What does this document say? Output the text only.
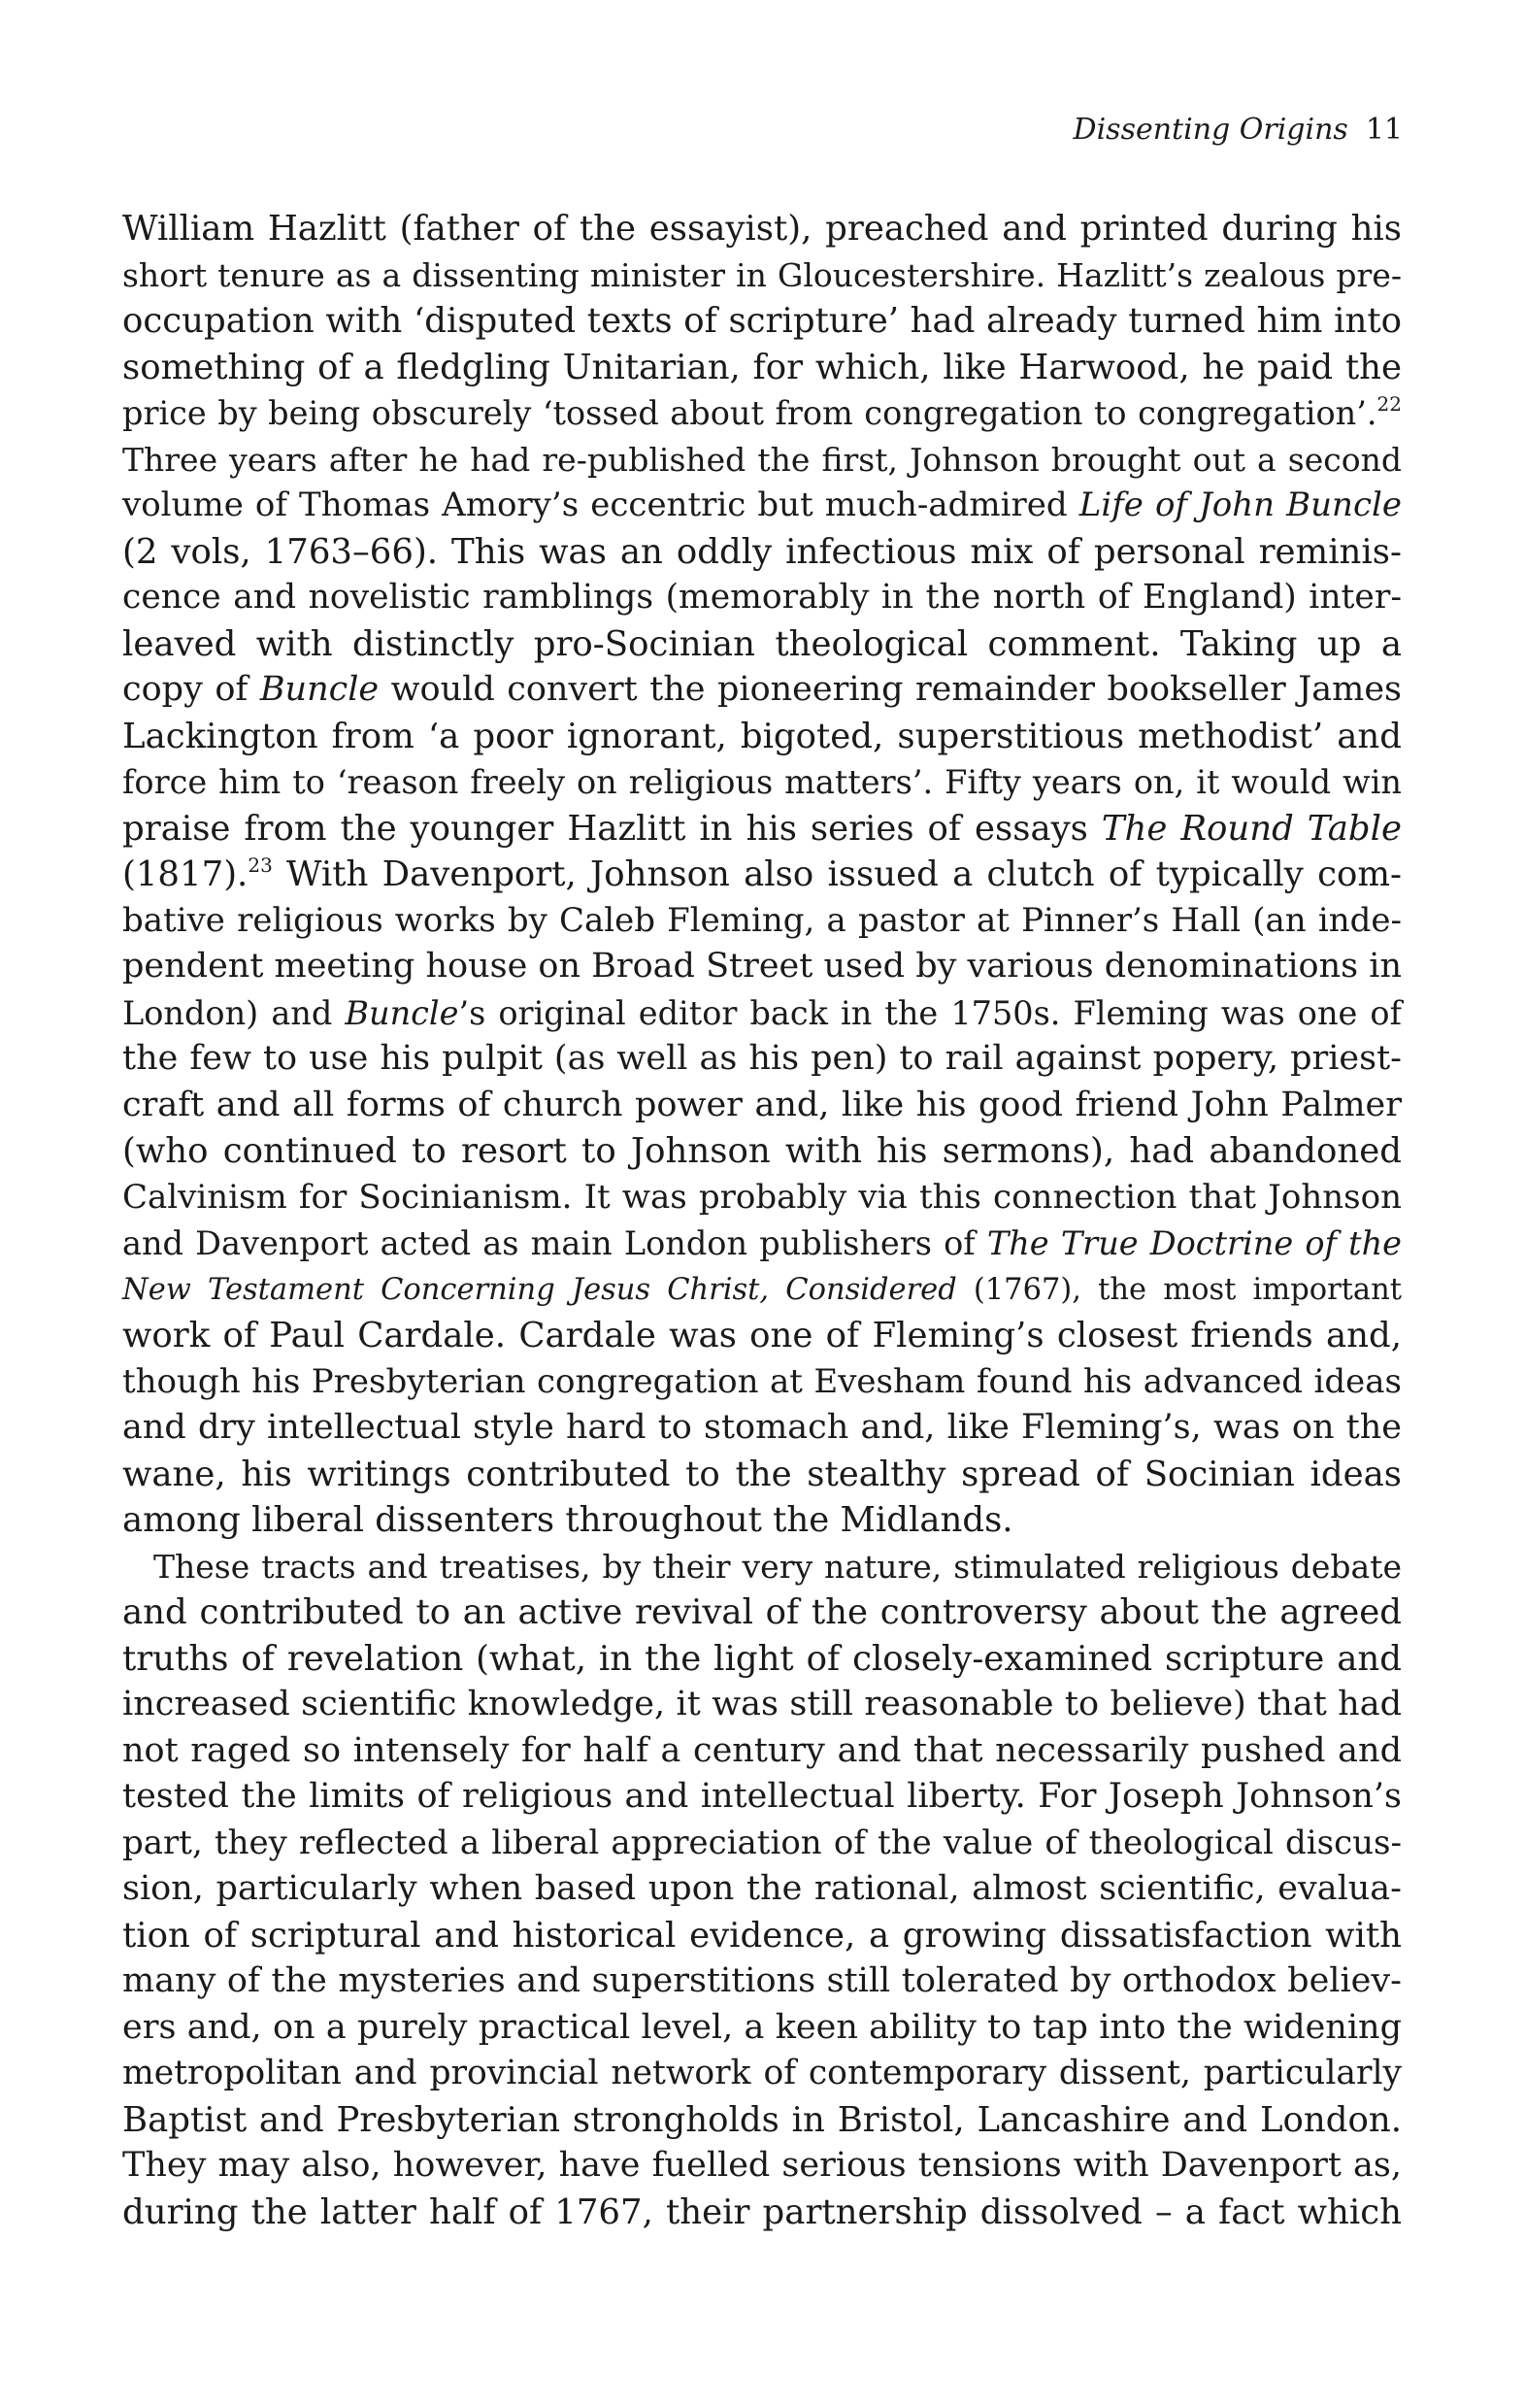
Dissenting Origins 11
William Hazlitt (father of the essayist), preached and printed during his
short tenure as a dissenting minister in Gloucestershire. Hazlitt’s zealous pre-
occupation with ‘disputed texts of scripture’ had already turned him into
something of a fledgling Unitarian, for which, like Harwood, he paid the
price by being obscurely ‘tossed about from congregation to congregation’.$^{22}$
Three years after he had re-published the first, Johnson brought out a second
volume of Thomas Amory’s eccentric but much-admired Life of John Buncle
(2 vols, 1763–66). This was an oddly infectious mix of personal reminis-
cence and novelistic ramblings (memorably in the north of England) inter-
leaved with distinctly pro-Socinian theological comment. Taking up a
copy of Buncle would convert the pioneering remainder bookseller James
Lackington from ‘a poor ignorant, bigoted, superstitious methodist’ and
force him to ‘reason freely on religious matters’. Fifty years on, it would win
praise from the younger Hazlitt in his series of essays The Round Table
(1817).$^{23}$ With Davenport, Johnson also issued a clutch of typically com-
bative religious works by Caleb Fleming, a pastor at Pinner’s Hall (an inde-
pendent meeting house on Broad Street used by various denominations in
London) and Buncle’s original editor back in the 1750s. Fleming was one of
the few to use his pulpit (as well as his pen) to rail against popery, priest-
craft and all forms of church power and, like his good friend John Palmer
(who continued to resort to Johnson with his sermons), had abandoned
Calvinism for Socinianism. It was probably via this connection that Johnson
and Davenport acted as main London publishers of The True Doctrine of the
New Testament Concerning Jesus Christ, Considered (1767), the most important
work of Paul Cardale. Cardale was one of Fleming’s closest friends and,
though his Presbyterian congregation at Evesham found his advanced ideas
and dry intellectual style hard to stomach and, like Fleming’s, was on the
wane, his writings contributed to the stealthy spread of Socinian ideas
among liberal dissenters throughout the Midlands.
These tracts and treatises, by their very nature, stimulated religious debate
and contributed to an active revival of the controversy about the agreed
truths of revelation (what, in the light of closely-examined scripture and
increased scientific knowledge, it was still reasonable to believe) that had
not raged so intensely for half a century and that necessarily pushed and
tested the limits of religious and intellectual liberty. For Joseph Johnson’s
part, they reflected a liberal appreciation of the value of theological discus-
sion, particularly when based upon the rational, almost scientific, evalua-
tion of scriptural and historical evidence, a growing dissatisfaction with
many of the mysteries and superstitions still tolerated by orthodox believ-
ers and, on a purely practical level, a keen ability to tap into the widening
metropolitan and provincial network of contemporary dissent, particularly
Baptist and Presbyterian strongholds in Bristol, Lancashire and London.
They may also, however, have fuelled serious tensions with Davenport as,
during the latter half of 1767, their partnership dissolved – a fact which
